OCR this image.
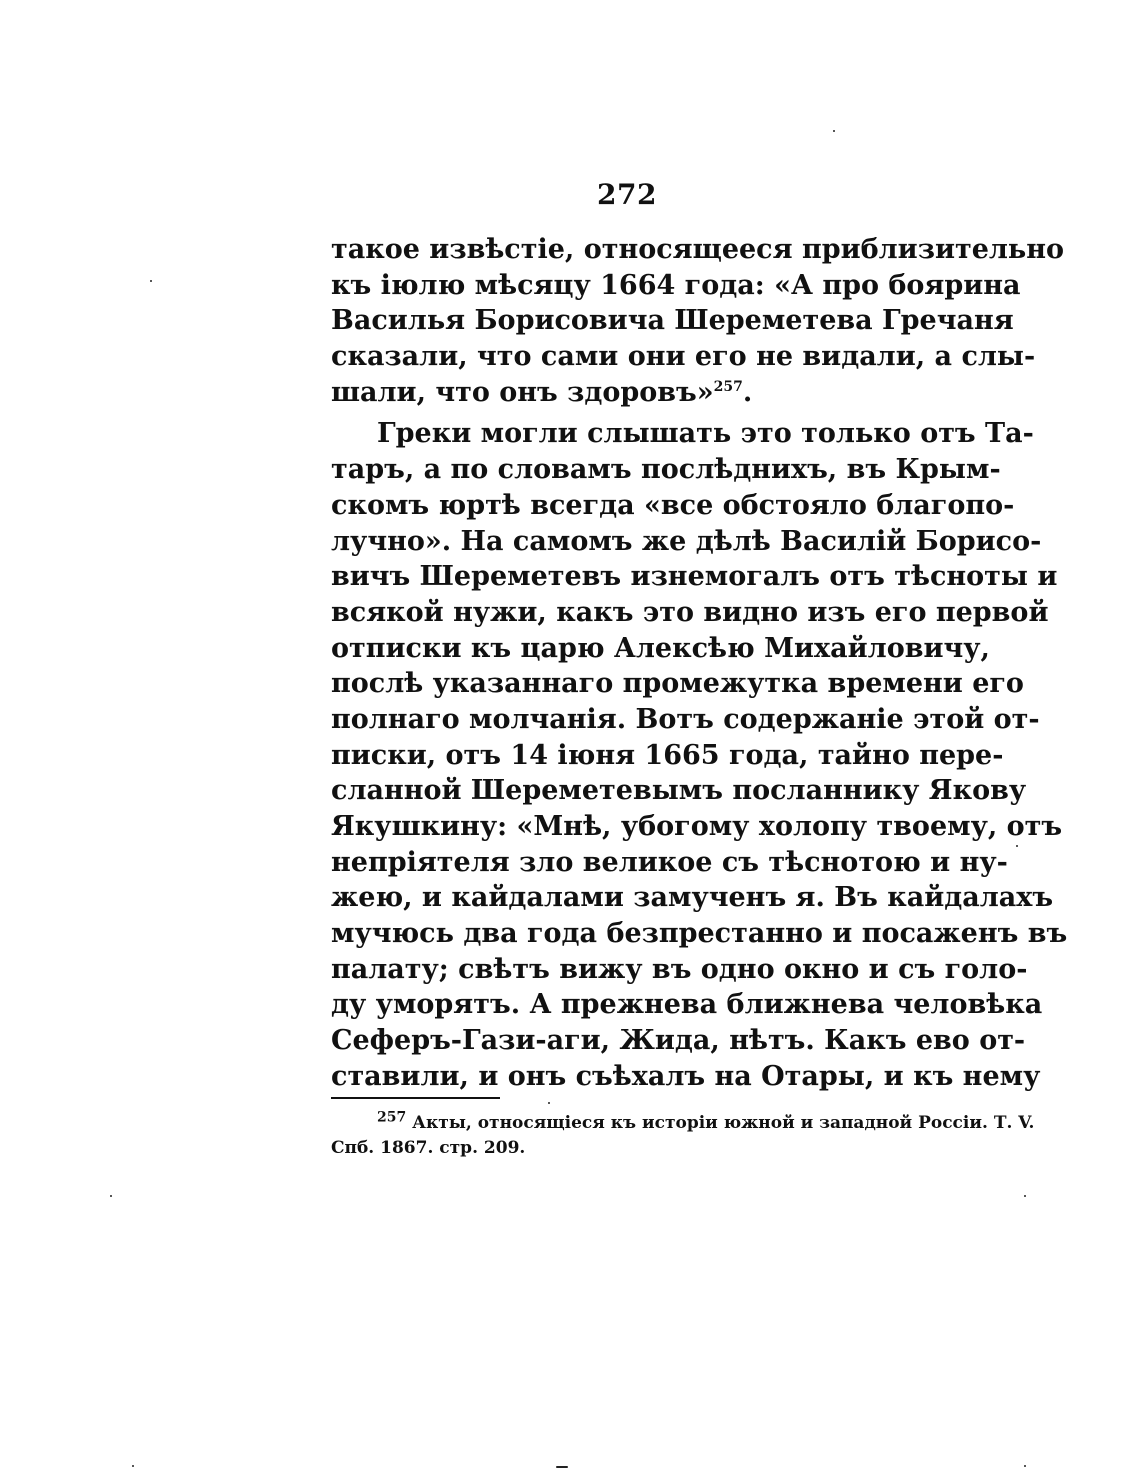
272
такое извѣстіе, относящееся приблизительно
къ іюлю мѣсяцу 1664 года: «А про боярина
Василья Борисовича Шереметева Гречаня
сказали, что сами они его не видали, а слы-
шали, что онъ здоровъ»$^{257}$.
Греки могли слышать это только отъ Та-
таръ, а по словамъ послѣднихъ, въ Крым-
скомъ юртѣ всегда «все обстояло благопо-
лучно». На самомъ же дѣлѣ Василій Борисо-
вичъ Шереметевъ изнемогалъ отъ тѣсноты и
всякой нужи, какъ это видно изъ его первой
отписки къ царю Алексѣю Михайловичу,
послѣ указаннаго промежутка времени его
полнаго молчанія. Вотъ содержаніе этой от-
писки, отъ 14 іюня 1665 года, тайно пере-
сланной Шереметевымъ посланнику Якову
Якушкину: «Мнѣ, убогому холопу твоему, отъ
непріятеля зло великое съ тѣснотою и ну-
жею, и кайдалами замученъ я. Въ кайдалахъ
мучюсь два года безпрестанно и посаженъ въ
палату; свѣтъ вижу въ одно окно и съ голо-
ду уморятъ. А прежнева ближнева человѣка
Сеферъ-Гази-аги, Жида, нѣтъ. Какъ ево от-
ставили, и онъ съѣхалъ на Отары, и къ нему
$^{257}$ Акты, относящіеся къ исторіи южной и западной Россіи. Т. V.
Спб. 1867. стр. 209.
